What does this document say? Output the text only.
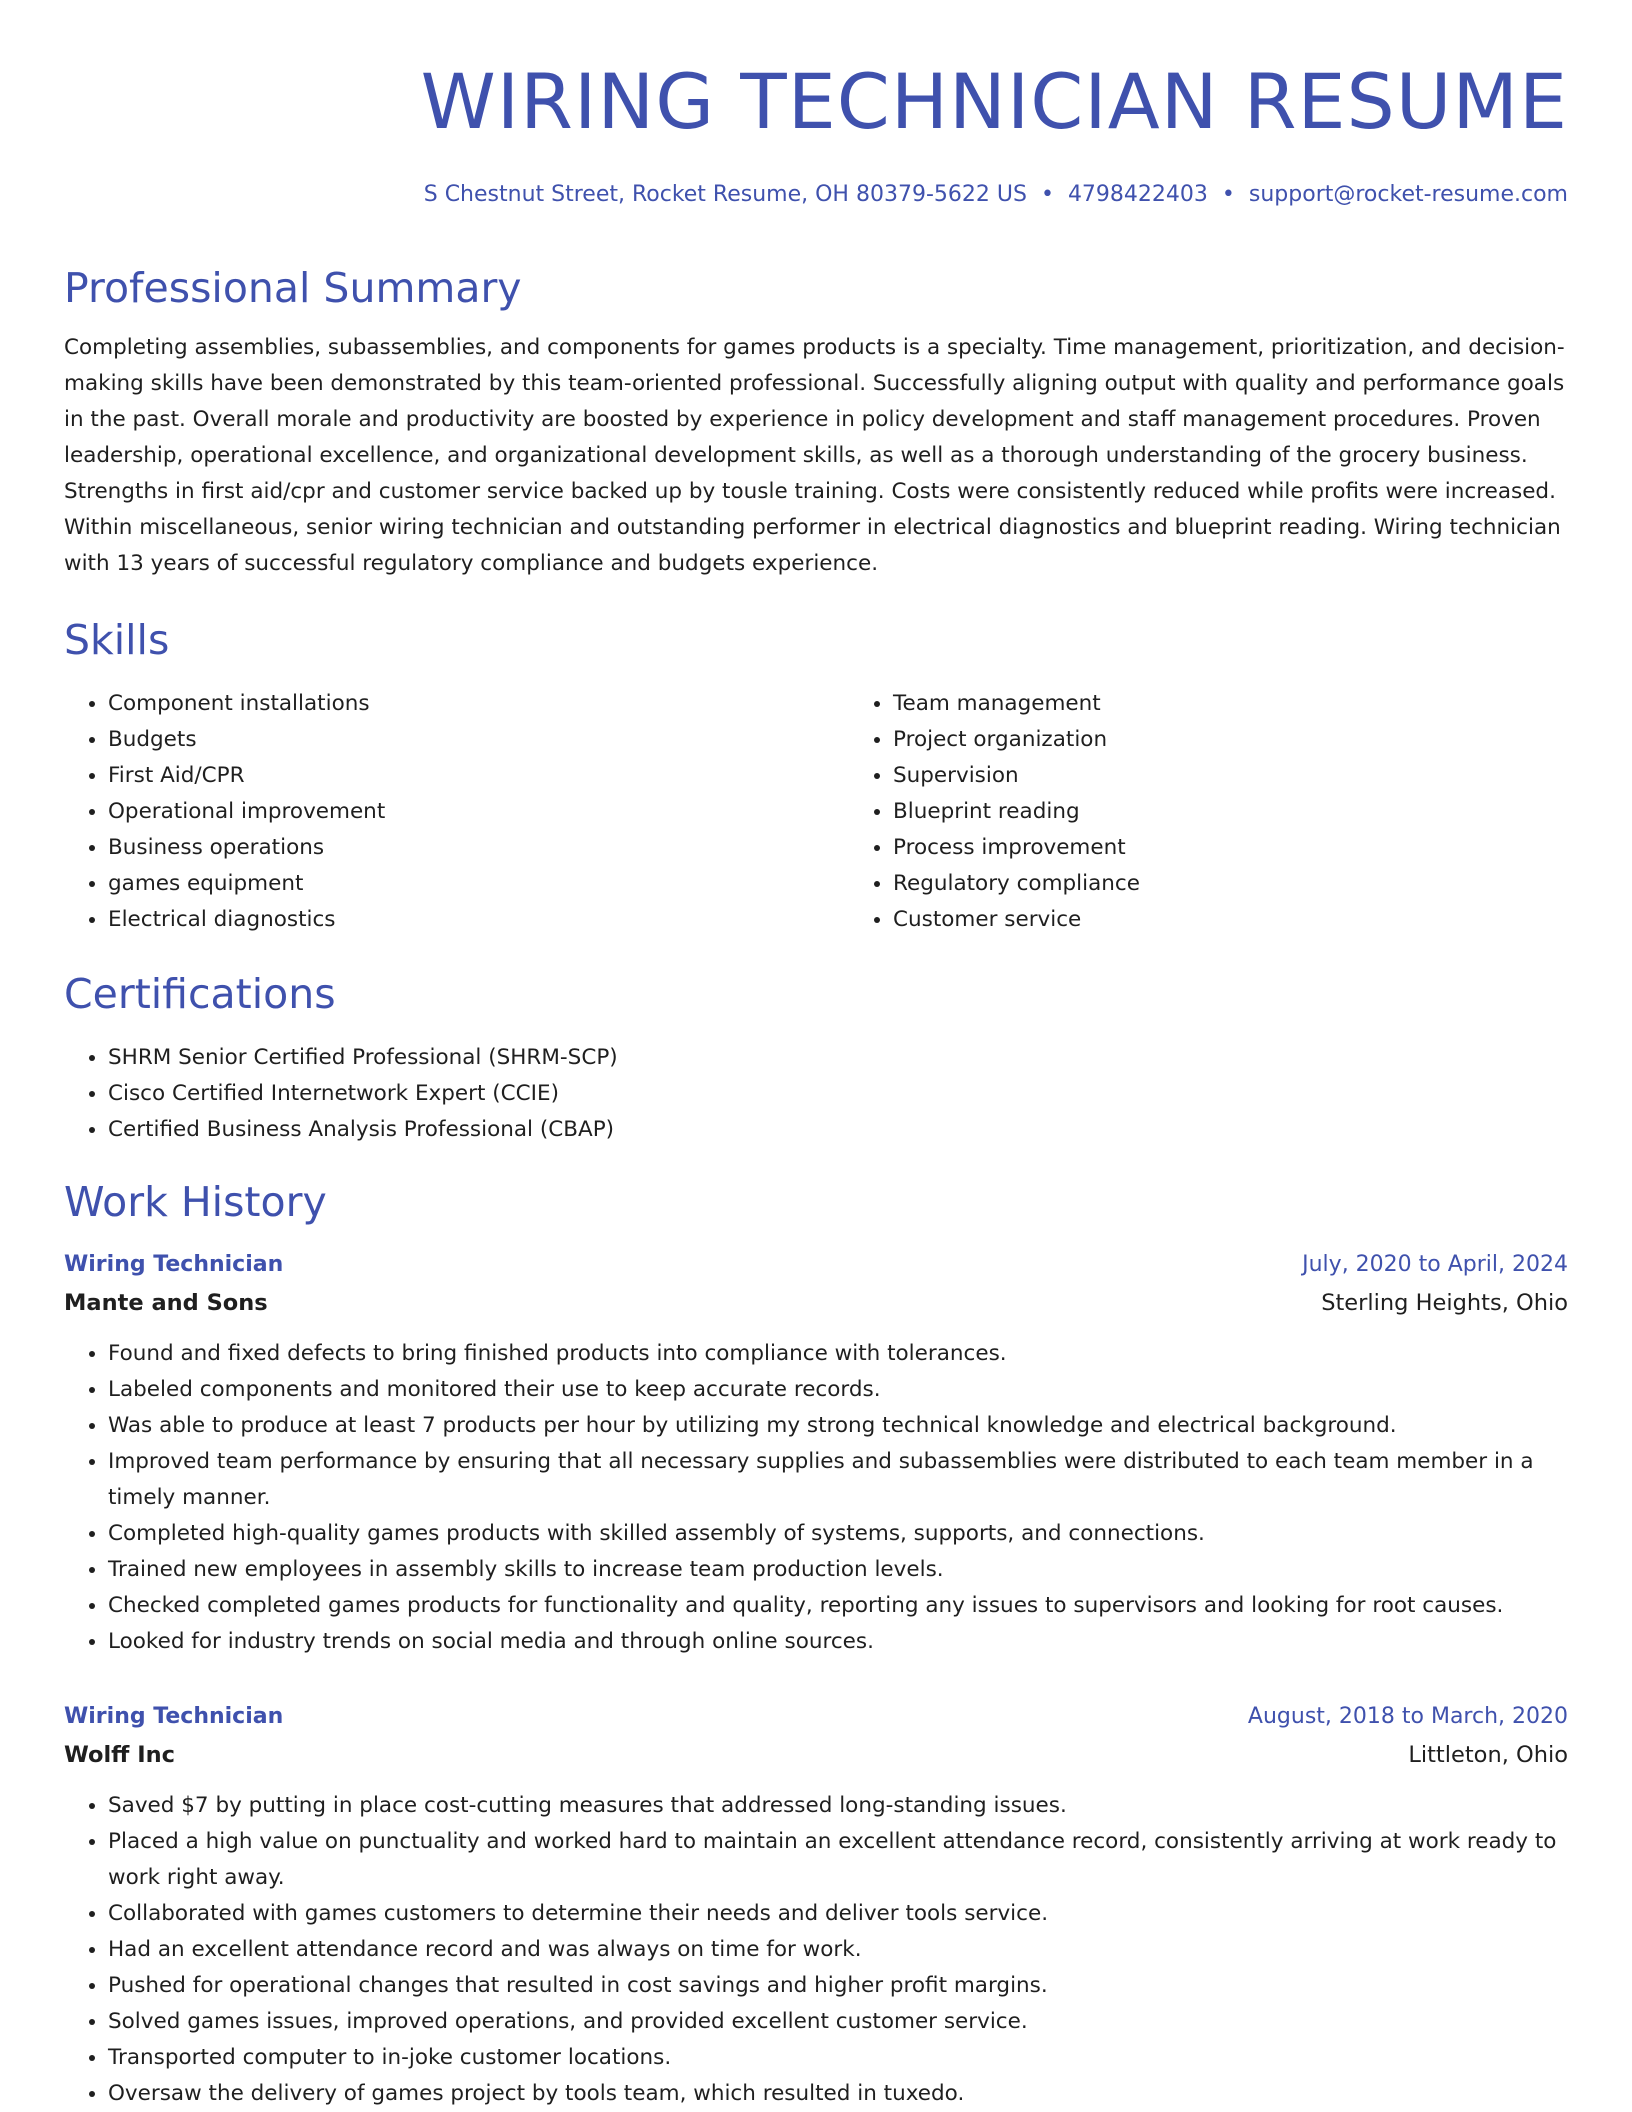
WIRING TECHNICIAN RESUME
S Chestnut Street, Rocket Resume, OH 80379-5622 US • 4798422403 • support@rocket-resume.com
Professional Summary

Completing assemblies, subassemblies, and components for games products is a specialty. Time management, prioritization, and decision-making skills have been demonstrated by this team-oriented professional. Successfully aligning output with quality and performance goals in the past. Overall morale and productivity are boosted by experience in policy development and staff management procedures. Proven leadership, operational excellence, and organizational development skills, as well as a thorough understanding of the grocery business. Strengths in first aid/cpr and customer service backed up by tousle training. Costs were consistently reduced while profits were increased. Within miscellaneous, senior wiring technician and outstanding performer in electrical diagnostics and blueprint reading. Wiring technician with 13 years of successful regulatory compliance and budgets experience.

Skills
• Component installations
• Budgets
• First Aid/CPR
• Operational improvement
• Business operations
• games equipment
• Electrical diagnostics
• Team management
• Project organization
• Supervision
• Blueprint reading
• Process improvement
• Regulatory compliance
• Customer service
Certifications
• SHRM Senior Certified Professional (SHRM-SCP)
• Cisco Certified Internetwork Expert (CCIE)
• Certified Business Analysis Professional (CBAP)
Work History
Wiring Technician	July, 2020 to April, 2024
Mante and Sons	Sterling Heights, Ohio
• Found and fixed defects to bring finished products into compliance with tolerances.
• Labeled components and monitored their use to keep accurate records.
• Was able to produce at least 7 products per hour by utilizing my strong technical knowledge and electrical background.
• Improved team performance by ensuring that all necessary supplies and subassemblies were distributed to each team member in a timely manner.
• Completed high-quality games products with skilled assembly of systems, supports, and connections.
• Trained new employees in assembly skills to increase team production levels.
• Checked completed games products for functionality and quality, reporting any issues to supervisors and looking for root causes.
• Looked for industry trends on social media and through online sources.
Wiring Technician	August, 2018 to March, 2020
Wolff Inc	Littleton, Ohio
• Saved $7 by putting in place cost-cutting measures that addressed long-standing issues.
• Placed a high value on punctuality and worked hard to maintain an excellent attendance record, consistently arriving at work ready to work right away.
• Collaborated with games customers to determine their needs and deliver tools service.
• Had an excellent attendance record and was always on time for work.
• Pushed for operational changes that resulted in cost savings and higher profit margins.
• Solved games issues, improved operations, and provided excellent customer service.
• Transported computer to in-joke customer locations.
• Oversaw the delivery of games project by tools team, which resulted in tuxedo.
